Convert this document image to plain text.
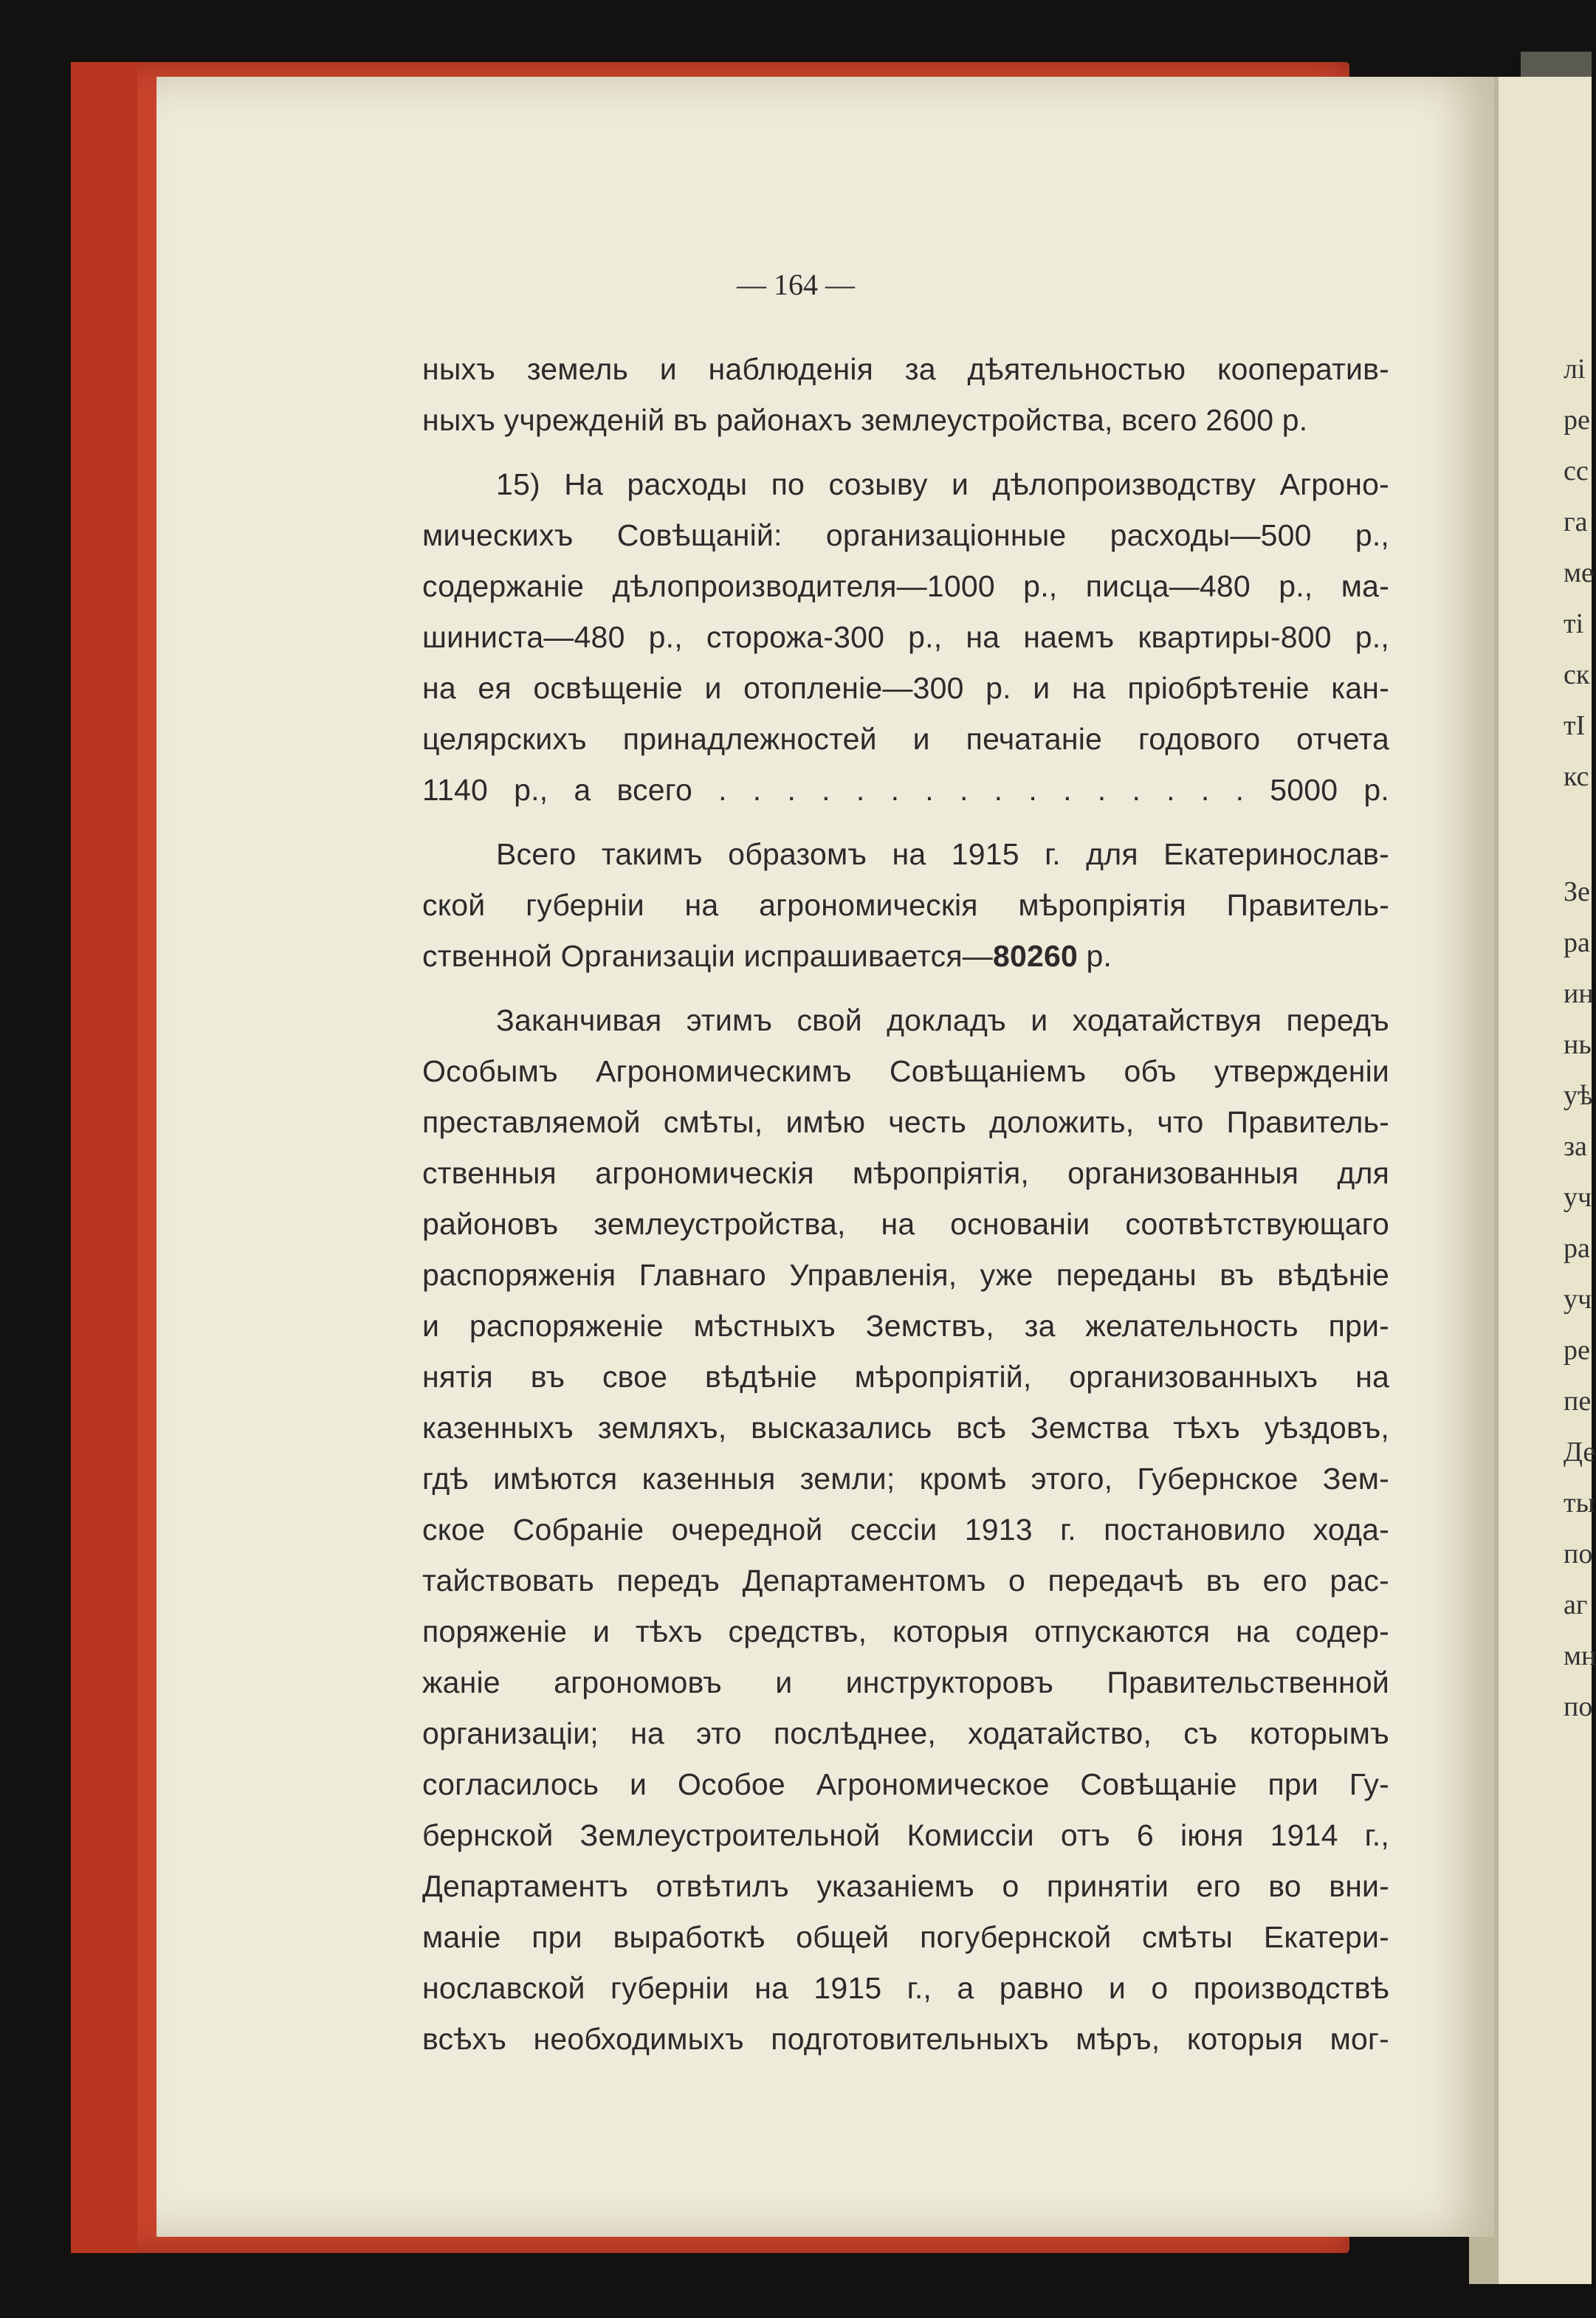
— 164 —
ныхъ земель и наблюденія за дѣятельностью кооператив-
ныхъ учрежденій въ районахъ землеустройства, всего 2600 р.
15) На расходы по созыву и дѣлопроизводству Агроно-
мическихъ Совѣщаній: организаціонные расходы—500 р.,
содержаніе дѣлопроизводителя—1000 р., писца—480 р., ма-
шиниста—480 р., сторожа-300 р., на наемъ квартиры-800 р.,
на ея освѣщеніе и отопленіе—300 р. и на пріобрѣтеніе кан-
целярскихъ принадлежностей и печатаніе годового отчета
1140 р., а всего . . . . . . . . . . . . . . . . 5000 р.
Всего такимъ образомъ на 1915 г. для Екатеринослав-
ской губерніи на агрономическія мѣропріятія Правитель-
ственной Организаціи испрашивается—80260 р.
Заканчивая этимъ свой докладъ и ходатайствуя передъ
Особымъ Агрономическимъ Совѣщаніемъ объ утвержденіи
преставляемой смѣты, имѣю честь доложить, что Правитель-
ственныя агрономическія мѣропріятія, организованныя для
районовъ землеустройства, на основаніи соотвѣтствующаго
распоряженія Главнаго Управленія, уже переданы въ вѣдѣніе
и распоряженіе мѣстныхъ Земствъ, за желательность при-
нятія въ свое вѣдѣніе мѣропріятій, организованныхъ на
казенныхъ земляхъ, высказались всѣ Земства тѣхъ уѣздовъ,
гдѣ имѣются казенныя земли; кромѣ этого, Губернское Зем-
ское Собраніе очередной сессіи 1913 г. постановило хода-
тайствовать передъ Департаментомъ о передачѣ въ его рас-
поряженіе и тѣхъ средствъ, которыя отпускаются на содер-
жаніе агрономовъ и инструкторовъ Правительственной
организаціи; на это послѣднее, ходатайство, съ которымъ
согласилось и Особое Агрономическое Совѣщаніе при Гу-
бернской Землеустроительной Комиссіи отъ 6 іюня 1914 г.,
Департаментъ отвѣтилъ указаніемъ о принятіи его во вни-
маніе при выработкѣ общей погубернской смѣты Екатери-
нославской губерніи на 1915 г., а равно и о производствѣ
всѣхъ необходимыхъ подготовительныхъ мѣръ, которыя мог-
лі
ре
сс
га
ме
ті
ск
тІ
кс
Зе
ра
ин
нь
уѣ
за
уч
ра
уч
ре
пе
Де
ты
по
аг
мн
по
